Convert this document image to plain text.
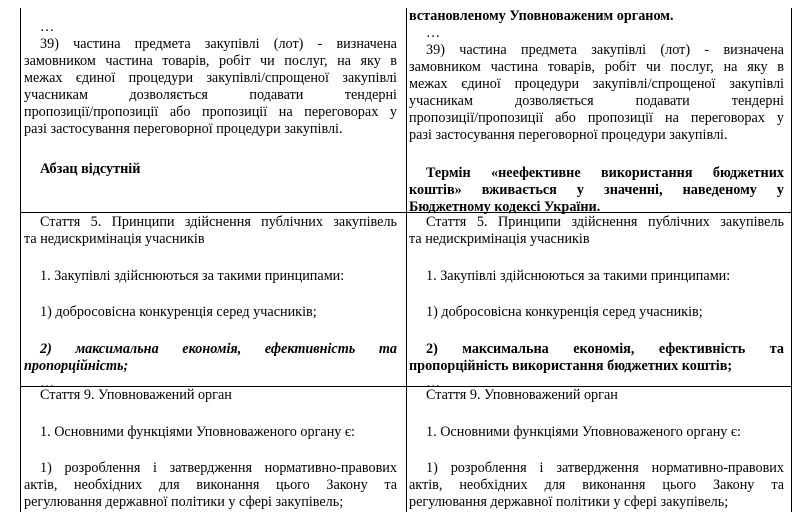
…
39) частина предмета закупівлі (лот) - визначена
замовником частина товарів, робіт чи послуг, на яку в
межах єдиної процедури закупівлі/спрощеної закупівлі
учасникам дозволяється подавати тендерні
пропозиції/пропозиції або пропозиції на переговорах у
разі застосування переговорної процедури закупівлі.
Абзац відсутній
встановленому Уповноваженим органом.
…
39) частина предмета закупівлі (лот) - визначена
замовником частина товарів, робіт чи послуг, на яку в
межах єдиної процедури закупівлі/спрощеної закупівлі
учасникам дозволяється подавати тендерні
пропозиції/пропозиції або пропозиції на переговорах у
разі застосування переговорної процедури закупівлі.
Термін «неефективне використання бюджетних
коштів» вживається у значенні, наведеному у
Бюджетному кодексі України.
Стаття 5. Принципи здійснення публічних закупівель
та недискримінація учасників
1. Закупівлі здійснюються за такими принципами:
1) добросовісна конкуренція серед учасників;
2) максимальна економія, ефективність та
пропорційність;
…
Стаття 5. Принципи здійснення публічних закупівель
та недискримінація учасників
1. Закупівлі здійснюються за такими принципами:
1) добросовісна конкуренція серед учасників;
2) максимальна економія, ефективність та
пропорційність використання бюджетних коштів;
…
Стаття 9. Уповноважений орган
1. Основними функціями Уповноваженого органу є:
1) розроблення і затвердження нормативно-правових
актів, необхідних для виконання цього Закону та
регулювання державної політики у сфері закупівель;
Стаття 9. Уповноважений орган
1. Основними функціями Уповноваженого органу є:
1) розроблення і затвердження нормативно-правових
актів, необхідних для виконання цього Закону та
регулювання державної політики у сфері закупівель;
